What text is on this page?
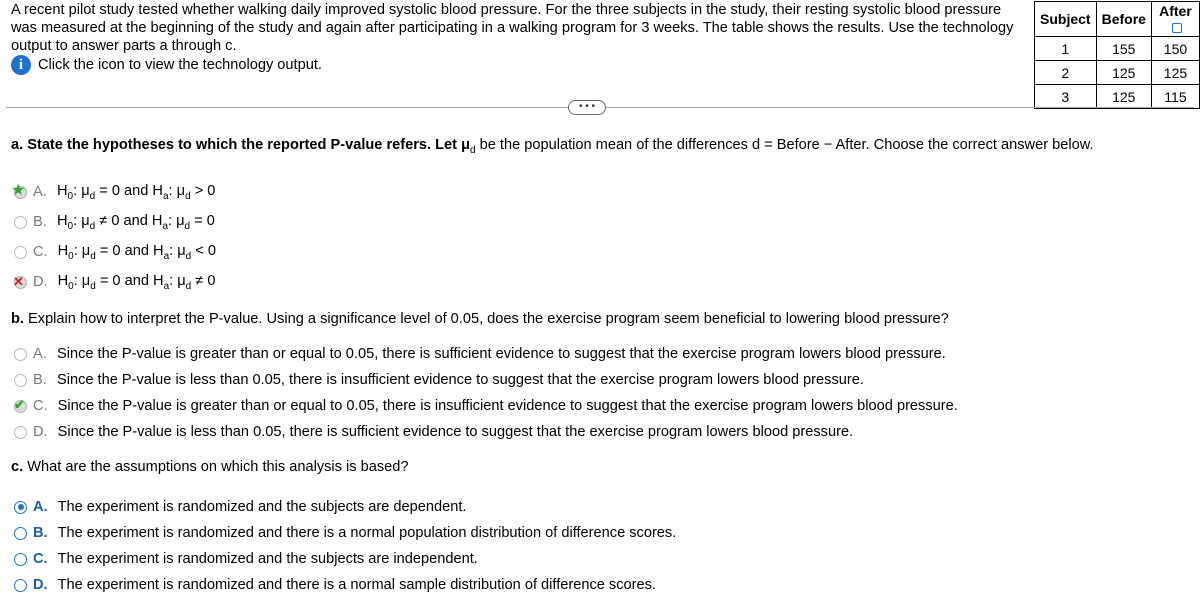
A recent pilot study tested whether walking daily improved systolic blood pressure. For the three subjects in the study, their resting systolic blood pressure was measured at the beginning of the study and again after participating in a walking program for 3 weeks. The table shows the results. Use the technology output to answer parts a through c.
i	Click the icon to view the technology output.
Subject	Before	After
1	155	150
2	125	125
3	125	115
• • •
a. State the hypotheses to which the reported P-value refers. Let $\mu_d$ be the population mean of the differences d = Before − After. Choose the correct answer below.
★ A. $H_0$: $\mu_d = 0$ and $H_a$: $\mu_d > 0$
B. $H_0$: $\mu_d \ne 0$ and $H_a$: $\mu_d = 0$
C. $H_0$: $\mu_d = 0$ and $H_a$: $\mu_d < 0$
✕ D. $H_0$: $\mu_d = 0$ and $H_a$: $\mu_d \ne 0$
b. Explain how to interpret the P-value. Using a significance level of 0.05, does the exercise program seem beneficial to lowering blood pressure?
A. Since the P-value is greater than or equal to 0.05, there is sufficient evidence to suggest that the exercise program lowers blood pressure.
B. Since the P-value is less than 0.05, there is insufficient evidence to suggest that the exercise program lowers blood pressure.
✔ C. Since the P-value is greater than or equal to 0.05, there is insufficient evidence to suggest that the exercise program lowers blood pressure.
D. Since the P-value is less than 0.05, there is sufficient evidence to suggest that the exercise program lowers blood pressure.
c. What are the assumptions on which this analysis is based?
A. The experiment is randomized and the subjects are dependent.
B. The experiment is randomized and there is a normal population distribution of difference scores.
C. The experiment is randomized and the subjects are independent.
D. The experiment is randomized and there is a normal sample distribution of difference scores.
